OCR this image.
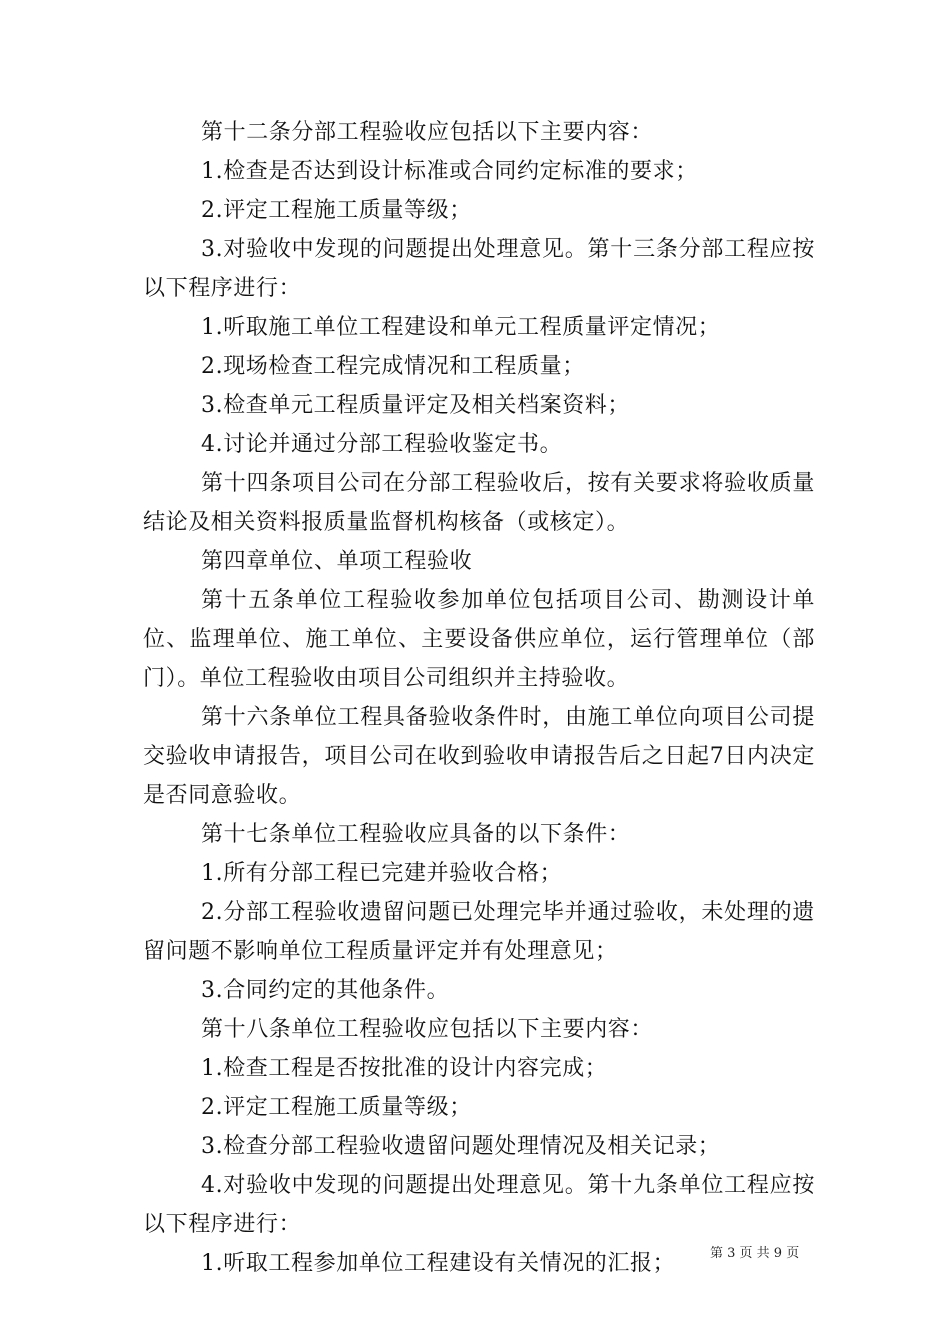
第十二条分部工程验收应包括以下主要内容：

1.检查是否达到设计标准或合同约定标准的要求；

2.评定工程施工质量等级；

3.对验收中发现的问题提出处理意见。第十三条分部工程应按以下程序进行：

1.听取施工单位工程建设和单元工程质量评定情况；

2.现场检查工程完成情况和工程质量；

3.检查单元工程质量评定及相关档案资料；

4.讨论并通过分部工程验收鉴定书。

第十四条项目公司在分部工程验收后，按有关要求将验收质量结论及相关资料报质量监督机构核备（或核定）。

第四章单位、单项工程验收

第十五条单位工程验收参加单位包括项目公司、勘测设计单位、监理单位、施工单位、主要设备供应单位，运行管理单位（部门）。单位工程验收由项目公司组织并主持验收。

第十六条单位工程具备验收条件时，由施工单位向项目公司提交验收申请报告，项目公司在收到验收申请报告后之日起7日内决定是否同意验收。

第十七条单位工程验收应具备的以下条件：

1.所有分部工程已完建并验收合格；

2.分部工程验收遗留问题已处理完毕并通过验收，未处理的遗留问题不影响单位工程质量评定并有处理意见；

3.合同约定的其他条件。

第十八条单位工程验收应包括以下主要内容：

1.检查工程是否按批准的设计内容完成；

2.评定工程施工质量等级；

3.检查分部工程验收遗留问题处理情况及相关记录；

4.对验收中发现的问题提出处理意见。第十九条单位工程应按以下程序进行：

1.听取工程参加单位工程建设有关情况的汇报；	第 3 页 共 9 页
